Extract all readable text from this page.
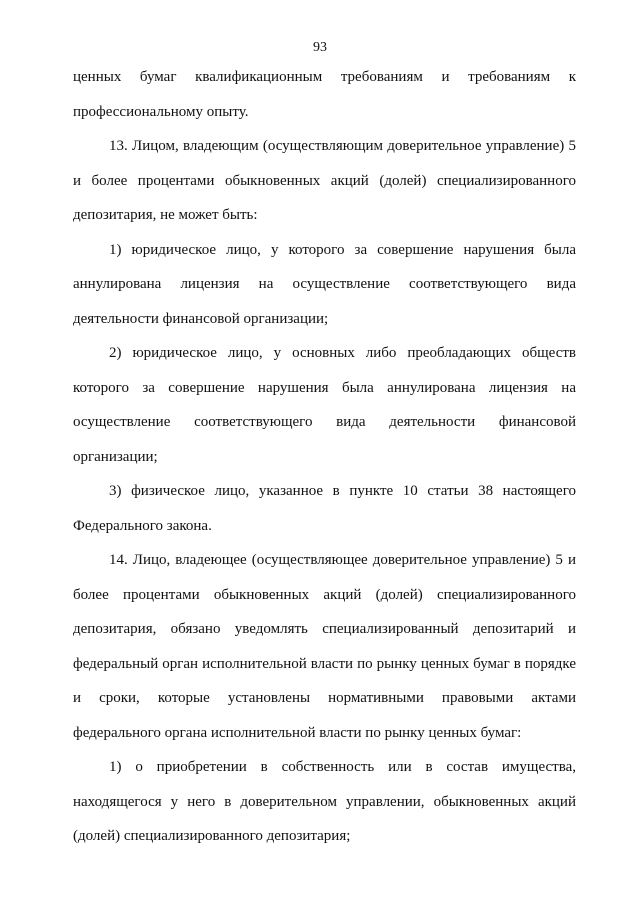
93

ценных бумаг квалификационным требованиям и требованиям к профессиональному опыту.

13. Лицом, владеющим (осуществляющим доверительное управление) 5 и более процентами обыкновенных акций (долей) специализированного депозитария, не может быть:

1) юридическое лицо, у которого за совершение нарушения была аннулирована лицензия на осуществление соответствующего вида деятельности финансовой организации;

2) юридическое лицо, у основных либо преобладающих обществ которого за совершение нарушения была аннулирована лицензия на осуществление соответствующего вида деятельности финансовой организации;

3) физическое лицо, указанное в пункте 10 статьи 38 настоящего Федерального закона.

14. Лицо, владеющее (осуществляющее доверительное управление) 5 и более процентами обыкновенных акций (долей) специализированного депозитария, обязано уведомлять специализированный депозитарий и федеральный орган исполнительной власти по рынку ценных бумаг в порядке и сроки, которые установлены нормативными правовыми актами федерального органа исполнительной власти по рынку ценных бумаг:

1) о приобретении в собственность или в состав имущества, находящегося у него в доверительном управлении, обыкновенных акций (долей) специализированного депозитария;
